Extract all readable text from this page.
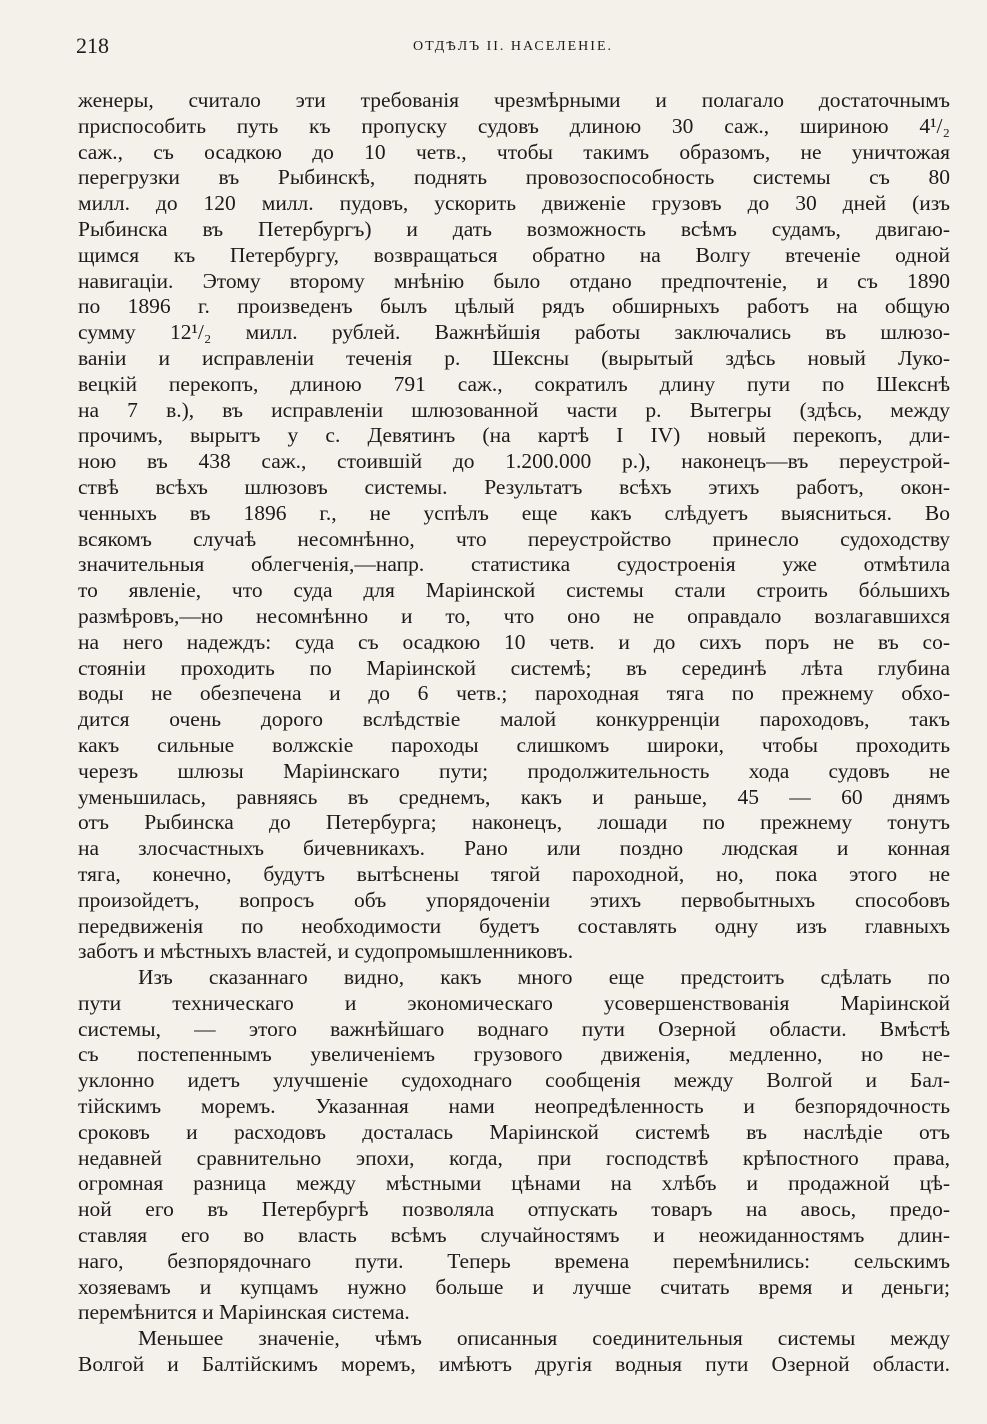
218	ОТДѢЛЪ II. НАСЕЛЕНІЕ.
женеры, считало эти требованія чрезмѣрными и полагало достаточнымъ
приспособить путь къ пропуску судовъ длиною 30 саж., шириною 4¹/₂
саж., съ осадкою до 10 четв., чтобы такимъ образомъ, не уничтожая
перегрузки въ Рыбинскѣ, поднять провозоспособность системы съ 80
милл. до 120 милл. пудовъ, ускорить движеніе грузовъ до 30 дней (изъ
Рыбинска въ Петербургъ) и дать возможность всѣмъ судамъ, двигаю-
щимся къ Петербургу, возвращаться обратно на Волгу втеченіе одной
навигаціи. Этому второму мнѣнію было отдано предпочтеніе, и съ 1890
по 1896 г. произведенъ былъ цѣлый рядъ обширныхъ работъ на общую
сумму 12¹/₂ милл. рублей. Важнѣйшія работы заключались въ шлюзо-
ваніи и исправленіи теченія р. Шексны (вырытый здѣсь новый Луко-
вецкій перекопъ, длиною 791 саж., сократилъ длину пути по Шекснѣ
на 7 в.), въ исправленіи шлюзованной части р. Вытегры (здѣсь, между
прочимъ, вырытъ у с. Девятинъ (на картѣ I IV) новый перекопъ, дли-
ною въ 438 саж., стоившій до 1.200.000 р.), наконецъ—въ переустрой-
ствѣ всѣхъ шлюзовъ системы. Результатъ всѣхъ этихъ работъ, окон-
ченныхъ въ 1896 г., не успѣлъ еще какъ слѣдуетъ выясниться. Во
всякомъ случаѣ несомнѣнно, что переустройство принесло судоходству
значительныя облегченія,—напр. статистика судостроенія уже отмѣтила
то явленіе, что суда для Маріинской системы стали строить бóльшихъ
размѣровъ,—но несомнѣнно и то, что оно не оправдало возлагавшихся
на него надеждъ: суда съ осадкою 10 четв. и до сихъ поръ не въ со-
стояніи проходить по Маріинской системѣ; въ серединѣ лѣта глубина
воды не обезпечена и до 6 четв.; пароходная тяга по прежнему обхо-
дится очень дорого вслѣдствіе малой конкурренціи пароходовъ, такъ
какъ сильные волжскіе пароходы слишкомъ широки, чтобы проходить
черезъ шлюзы Маріинскаго пути; продолжительность хода судовъ не
уменьшилась, равняясь въ среднемъ, какъ и раньше, 45 — 60 днямъ
отъ Рыбинска до Петербурга; наконецъ, лошади по прежнему тонутъ
на злосчастныхъ бичевникахъ. Рано или поздно людская и конная
тяга, конечно, будутъ вытѣснены тягой пароходной, но, пока этого не
произойдетъ, вопросъ объ упорядоченіи этихъ первобытныхъ способовъ
передвиженія по необходимости будетъ составлять одну изъ главныхъ
заботъ и мѣстныхъ властей, и судопромышленниковъ.
Изъ сказаннаго видно, какъ много еще предстоитъ сдѣлать по
пути техническаго и экономическаго усовершенствованія Маріинской
системы, — этого важнѣйшаго воднаго пути Озерной области. Вмѣстѣ
съ постепеннымъ увеличеніемъ грузового движенія, медленно, но не-
уклонно идетъ улучшеніе судоходнаго сообщенія между Волгой и Бал-
тійскимъ моремъ. Указанная нами неопредѣленность и безпорядочность
сроковъ и расходовъ досталась Маріинской системѣ въ наслѣдіе отъ
недавней сравнительно эпохи, когда, при господствѣ крѣпостного права,
огромная разница между мѣстными цѣнами на хлѣбъ и продажной цѣ-
ной его въ Петербургѣ позволяла отпускать товаръ на авось, предо-
ставляя его во власть всѣмъ случайностямъ и неожиданностямъ длин-
наго, безпорядочнаго пути. Теперь времена перемѣнились: сельскимъ
хозяевамъ и купцамъ нужно больше и лучше считать время и деньги;
перемѣнится и Маріинская система.
Меньшее значеніе, чѣмъ описанныя соединительныя системы между
Волгой и Балтійскимъ моремъ, имѣютъ другія водныя пути Озерной области.
